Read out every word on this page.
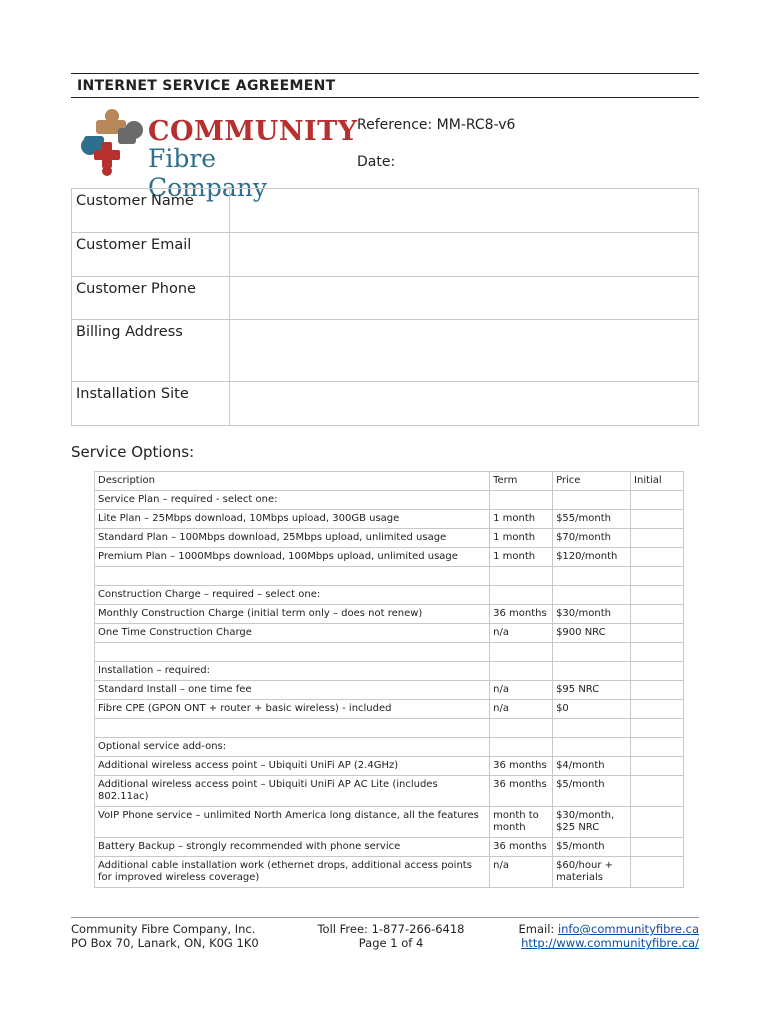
INTERNET SERVICE AGREEMENT
COMMUNITY
Fibre Company
Reference: MM-RC8-v6
Date:
Customer Name	
Customer Email	
Customer Phone	
Billing Address	
Installation Site	
Service Options:
Description	Term	Price	Initial
Service Plan – required - select one:			
Lite Plan – 25Mbps download, 10Mbps upload, 300GB usage	1 month	$55/month	
Standard Plan – 100Mbps download, 25Mbps upload, unlimited usage	1 month	$70/month	
Premium Plan – 1000Mbps download, 100Mbps upload, unlimited usage	1 month	$120/month	

Construction Charge – required – select one:			
Monthly Construction Charge (initial term only – does not renew)	36 months	$30/month	
One Time Construction Charge	n/a	$900 NRC	

Installation – required:			
Standard Install – one time fee	n/a	$95 NRC	
Fibre CPE (GPON ONT + router + basic wireless) - included	n/a	$0	

Optional service add-ons:			
Additional wireless access point – Ubiquiti UniFi AP (2.4GHz)	36 months	$4/month	
Additional wireless access point – Ubiquiti UniFi AP AC Lite (includes 802.11ac)	36 months	$5/month	
VoIP Phone service – unlimited North America long distance, all the features	month to month	$30/month, $25 NRC	
Battery Backup – strongly recommended with phone service	36 months	$5/month	
Additional cable installation work (ethernet drops, additional access points for improved wireless coverage)	n/a	$60/hour + materials	
Community Fibre Company, Inc.
PO Box 70, Lanark, ON, K0G 1K0
Toll Free: 1-877-266-6418
Page 1 of 4
Email: info@communityfibre.ca
http://www.communityfibre.ca/
